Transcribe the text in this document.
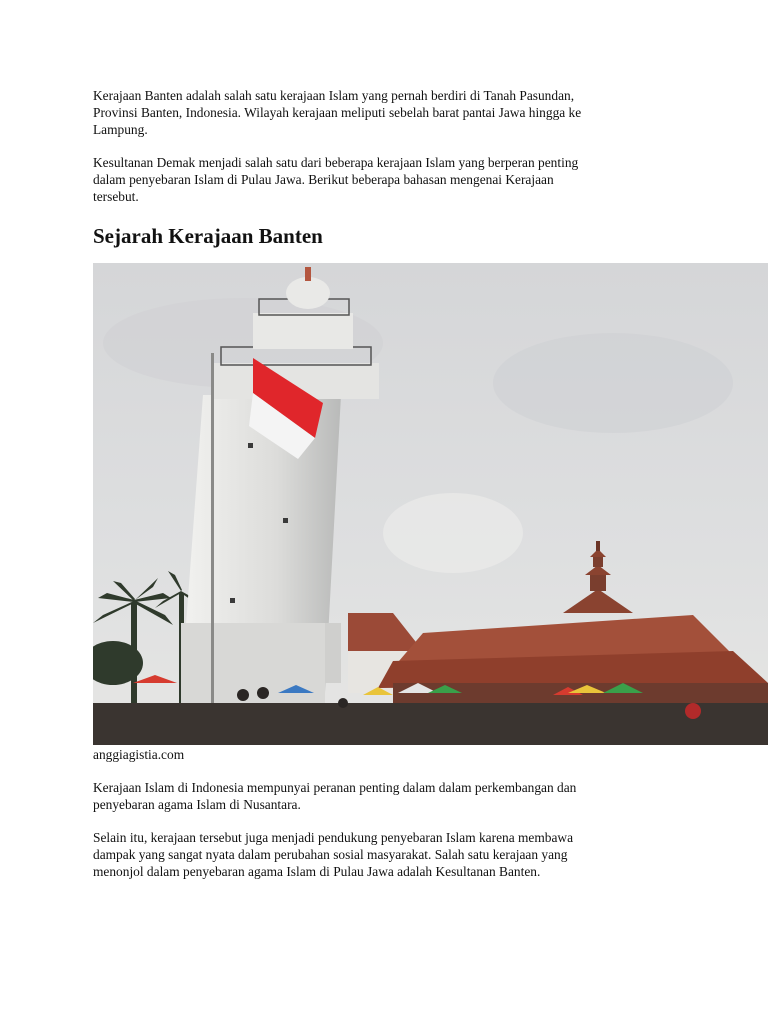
Kerajaan Banten adalah salah satu kerajaan Islam yang pernah berdiri di Tanah Pasundan,
Provinsi Banten, Indonesia. Wilayah kerajaan meliputi sebelah barat pantai Jawa hingga ke
Lampung.

Kesultanan Demak menjadi salah satu dari beberapa kerajaan Islam yang berperan penting
dalam penyebaran Islam di Pulau Jawa. Berikut beberapa bahasan mengenai Kerajaan
tersebut.

Sejarah Kerajaan Banten
anggiagistia.com

Kerajaan Islam di Indonesia mempunyai peranan penting dalam dalam perkembangan dan
penyebaran agama Islam di Nusantara.

Selain itu, kerajaan tersebut juga menjadi pendukung penyebaran Islam karena membawa
dampak yang sangat nyata dalam perubahan sosial masyarakat. Salah satu kerajaan yang
menonjol dalam penyebaran agama Islam di Pulau Jawa adalah Kesultanan Banten.
